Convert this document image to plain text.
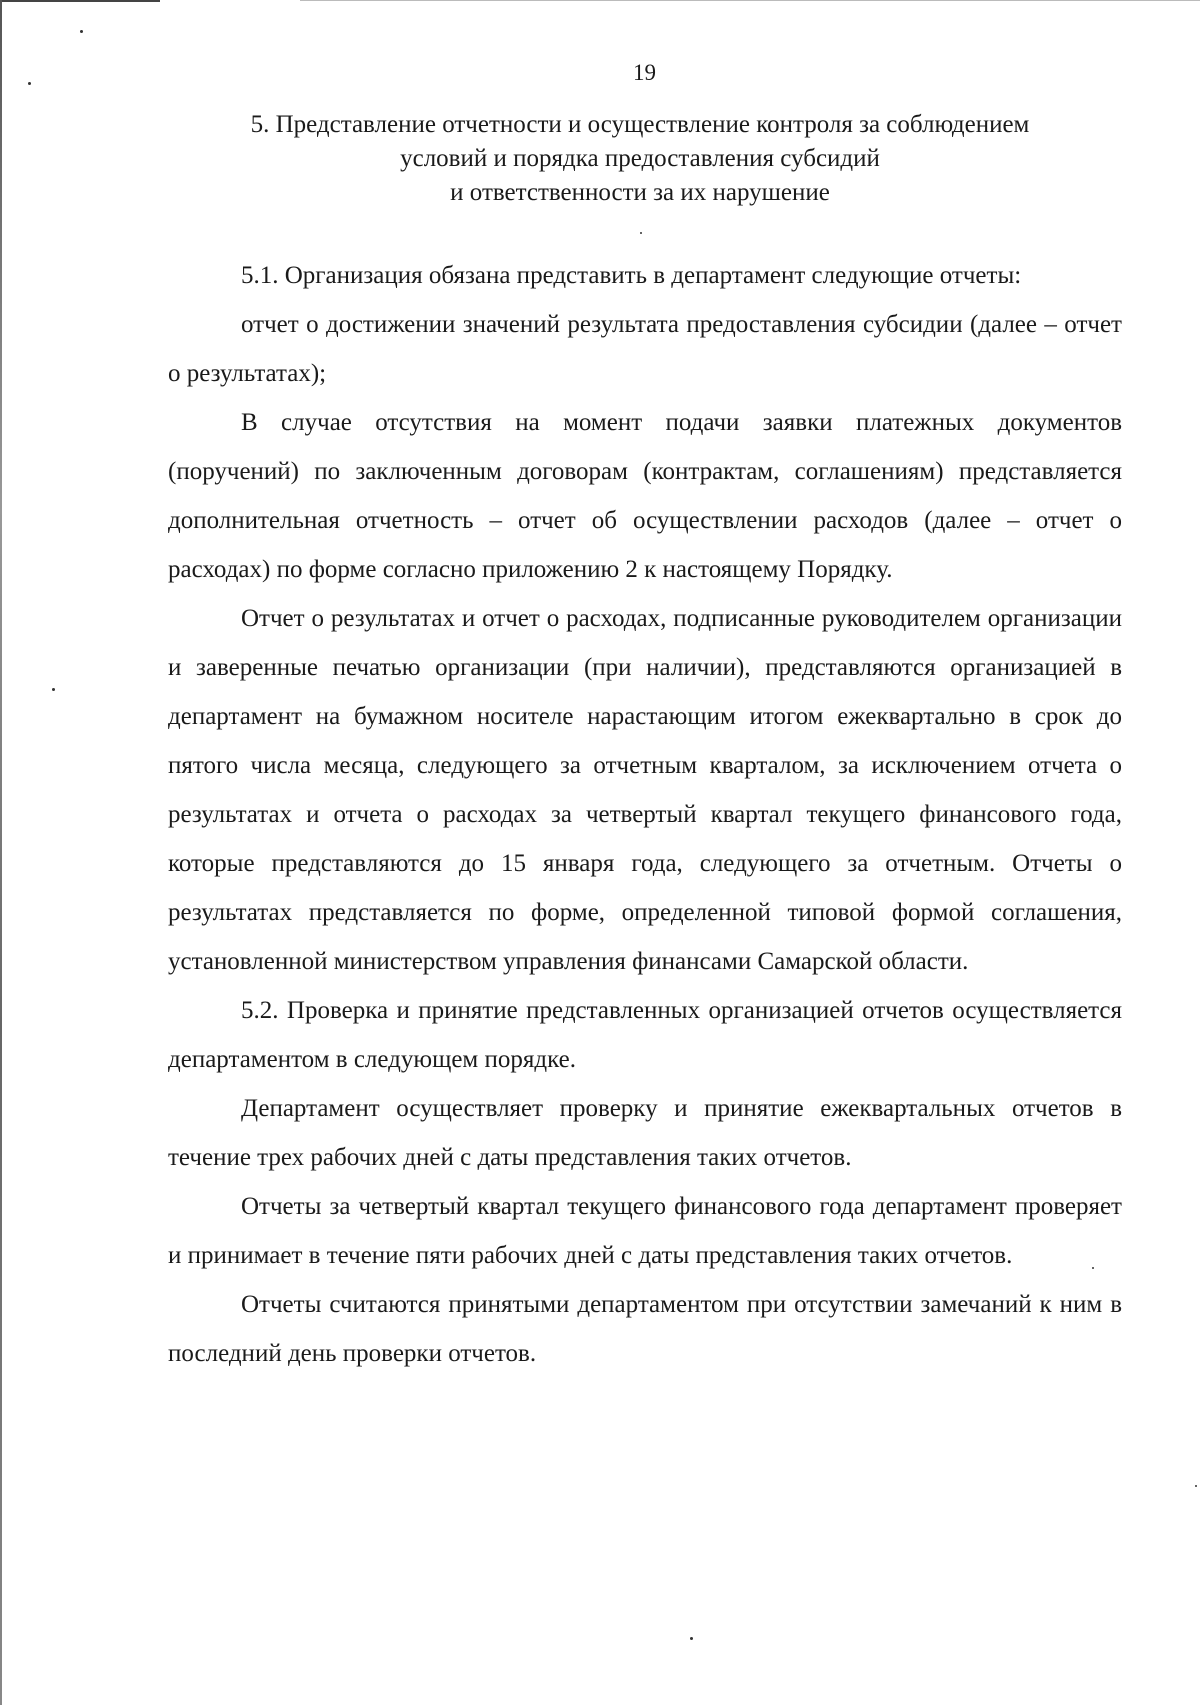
19
5. Представление отчетности и осуществление контроля за соблюдением
условий и порядка предоставления субсидий
и ответственности за их нарушение

5.1. Организация обязана представить в департамент следующие отчеты:

отчет о достижении значений результата предоставления субсидии (далее – отчет о результатах);

В случае отсутствия на момент подачи заявки платежных документов (поручений) по заключенным договорам (контрактам, соглашениям) представляется дополнительная отчетность – отчет об осуществлении расходов (далее – отчет о расходах) по форме согласно приложению 2 к настоящему Порядку.

Отчет о результатах и отчет о расходах, подписанные руководителем организации и заверенные печатью организации (при наличии), представляются организацией в департамент на бумажном носителе нарастающим итогом ежеквартально в срок до пятого числа месяца, следующего за отчетным кварталом, за исключением отчета о результатах и отчета о расходах за четвертый квартал текущего финансового года, которые представляются до 15 января года, следующего за отчетным. Отчеты о результатах представляется по форме, определенной типовой формой соглашения, установленной министерством управления финансами Самарской области.

5.2. Проверка и принятие представленных организацией отчетов осуществляется департаментом в следующем порядке.

Департамент осуществляет проверку и принятие ежеквартальных отчетов в течение трех рабочих дней с даты представления таких отчетов.

Отчеты за четвертый квартал текущего финансового года департамент проверяет и принимает в течение пяти рабочих дней с даты представления таких отчетов.

Отчеты считаются принятыми департаментом при отсутствии замечаний к ним в последний день проверки отчетов.
